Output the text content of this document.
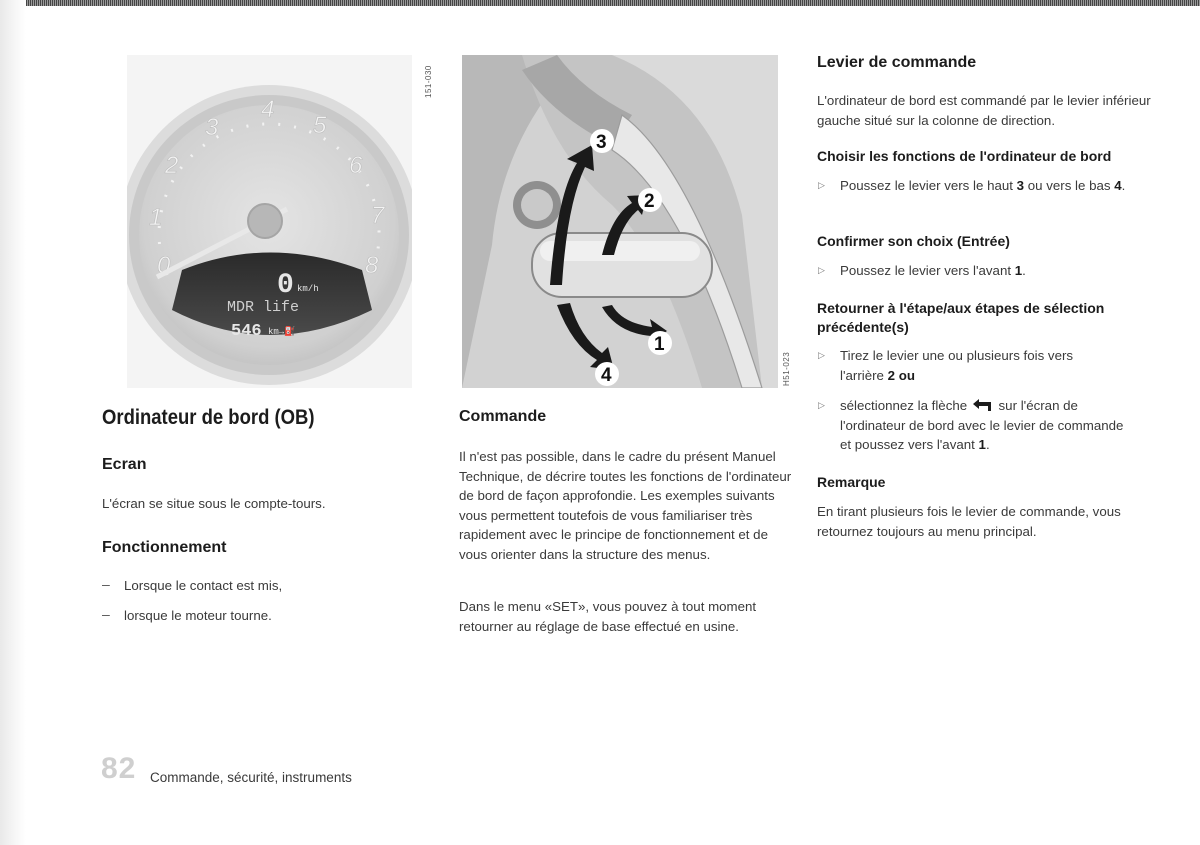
0
1
2
3
4
5
6
7
8
0 km/h
MDR life
546 km→⛽
151-030
1
2
3
4	H51-023
Ordinateur de bord (OB)
Ecran

L'écran se situe sous le compte-tours.

Fonctionnement
– Lorsque le contact est mis,

– lorsque le moteur tourne.

Commande

Il n'est pas possible, dans le cadre du présent Manuel Technique, de décrire toutes les fonctions de l'ordinateur de bord de façon approfondie. Les exemples suivants vous permettent toutefois de vous familiariser très rapidement avec le principe de fonctionnement et de vous orienter dans la structure des menus.

Dans le menu «SET», vous pouvez à tout moment retourner au réglage de base effectué en usine.

Levier de commande

L'ordinateur de bord est commandé par le levier inférieur gauche situé sur la colonne de direction.

Choisir les fonctions de l'ordinateur de bord
▷ Poussez le levier vers le haut 3 ou vers le bas 4.

Confirmer son choix (Entrée)
▷ Poussez le levier vers l'avant 1.

Retourner à l'étape/aux étapes de sélection précédente(s)
▷ Tirez le levier une ou plusieurs fois vers l'arrière 2 ou

▷ sélectionnez la flèche  sur l'écran de l'ordinateur de bord avec le levier de commande et poussez vers l'avant 1.

Remarque

En tirant plusieurs fois le levier de commande, vous retournez toujours au menu principal.

82 Commande, sécurité, instruments
